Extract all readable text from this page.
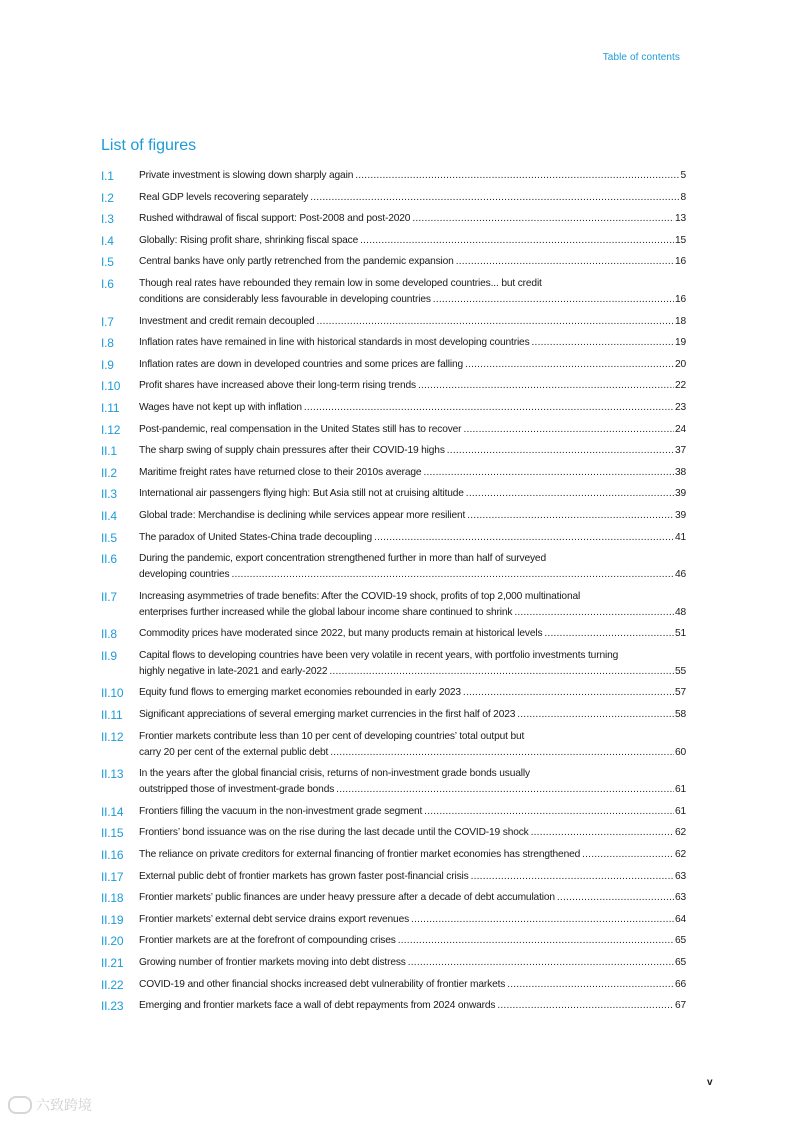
Table of contents
List of figures
I.1	Private investment is slowing down sharply again .....	5
I.2	Real GDP levels recovering separately .....	8
I.3	Rushed withdrawal of fiscal support: Post-2008 and post-2020 .....	13
I.4	Globally: Rising profit share, shrinking fiscal space .....	15
I.5	Central banks have only partly retrenched from the pandemic expansion .....	16
I.6	Though real rates have rebounded they remain low in some developed countries... but credit
conditions are considerably less favourable in developing countries .....	16
I.7	Investment and credit remain decoupled .....	18
I.8	Inflation rates have remained in line with historical standards in most developing countries .....	19
I.9	Inflation rates are down in developed countries and some prices are falling .....	20
I.10	Profit shares have increased above their long-term rising trends .....	22
I.11	Wages have not kept up with inflation .....	23
I.12	Post-pandemic, real compensation in the United States still has to recover .....	24
II.1	The sharp swing of supply chain pressures after their COVID-19 highs .....	37
II.2	Maritime freight rates have returned close to their 2010s average .....	38
II.3	International air passengers flying high: But Asia still not at cruising altitude .....	39
II.4	Global trade: Merchandise is declining while services appear more resilient .....	39
II.5	The paradox of United States-China trade decoupling .....	41
II.6	During the pandemic, export concentration strengthened further in more than half of surveyed
developing countries .....	46
II.7	Increasing asymmetries of trade benefits: After the COVID-19 shock, profits of top 2,000 multinational
enterprises further increased while the global labour income share continued to shrink .....	48
II.8	Commodity prices have moderated since 2022, but many products remain at historical levels .....	51
II.9	Capital flows to developing countries have been very volatile in recent years, with portfolio investments turning
highly negative in late-2021 and early-2022 .....	55
II.10	Equity fund flows to emerging market economies rebounded in early 2023 .....	57
II.11	Significant appreciations of several emerging market currencies in the first half of 2023 .....	58
II.12	Frontier markets contribute less than 10 per cent of developing countries’ total output but
carry 20 per cent of the external public debt .....	60
II.13	In the years after the global financial crisis, returns of non-investment grade bonds usually
outstripped those of investment-grade bonds .....	61
II.14	Frontiers filling the vacuum in the non-investment grade segment .....	61
II.15	Frontiers’ bond issuance was on the rise during the last decade until the COVID-19 shock .....	62
II.16	The reliance on private creditors for external financing of frontier market economies has strengthened .....	62
II.17	External public debt of frontier markets has grown faster post-financial crisis .....	63
II.18	Frontier markets’ public finances are under heavy pressure after a decade of debt accumulation .....	63
II.19	Frontier markets’ external debt service drains export revenues .....	64
II.20	Frontier markets are at the forefront of compounding crises .....	65
II.21	Growing number of frontier markets moving into debt distress .....	65
II.22	COVID-19 and other financial shocks increased debt vulnerability of frontier markets .....	66
II.23	Emerging and frontier markets face a wall of debt repayments from 2024 onwards .....	67
v
六致跨境
